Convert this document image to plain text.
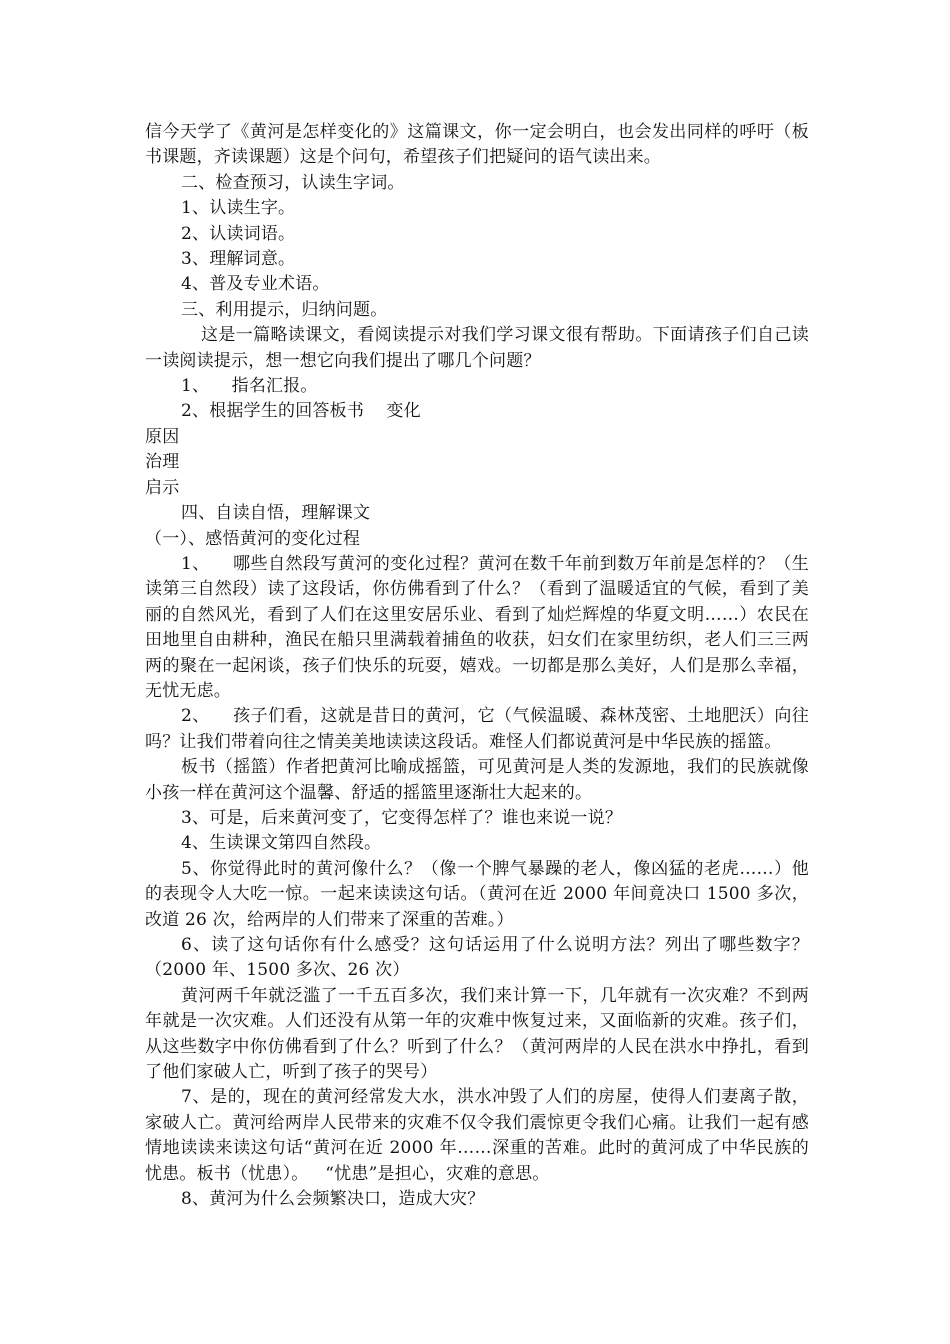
信今天学了《黄河是怎样变化的》这篇课文，你一定会明白，也会发出同样的呼吁（板书课题，齐读课题）这是个问句，希望孩子们把疑问的语气读出来。

二、检查预习，认读生字词。

1、认读生字。

2、认读词语。

3、理解词意。

4、普及专业术语。

三、利用提示，归纳问题。

这是一篇略读课文，看阅读提示对我们学习课文很有帮助。下面请孩子们自己读一读阅读提示，想一想它向我们提出了哪几个问题？

1、    指名汇报。

2、根据学生的回答板书    变化

原因

治理

启示

四、自读自悟，理解课文

（一）、感悟黄河的变化过程

1、    哪些自然段写黄河的变化过程？黄河在数千年前到数万年前是怎样的？（生读第三自然段）读了这段话，你仿佛看到了什么？（看到了温暖适宜的气候，看到了美丽的自然风光，看到了人们在这里安居乐业、看到了灿烂辉煌的华夏文明……）农民在田地里自由耕种，渔民在船只里满载着捕鱼的收获，妇女们在家里纺织，老人们三三两两的聚在一起闲谈，孩子们快乐的玩耍，嬉戏。一切都是那么美好，人们是那么幸福，无忧无虑。

2、    孩子们看，这就是昔日的黄河，它（气候温暖、森林茂密、土地肥沃）向往吗？让我们带着向往之情美美地读读这段话。难怪人们都说黄河是中华民族的摇篮。

板书（摇篮）作者把黄河比喻成摇篮，可见黄河是人类的发源地，我们的民族就像小孩一样在黄河这个温馨、舒适的摇篮里逐渐壮大起来的。

3、可是，后来黄河变了，它变得怎样了？谁也来说一说？

4、生读课文第四自然段。

5、你觉得此时的黄河像什么？（像一个脾气暴躁的老人，像凶猛的老虎……）他的表现令人大吃一惊。一起来读读这句话。（黄河在近 2000 年间竟决口 1500 多次，改道 26 次，给两岸的人们带来了深重的苦难。）

6、读了这句话你有什么感受？这句话运用了什么说明方法？列出了哪些数字？（2000 年、1500 多次、26 次）

黄河两千年就泛滥了一千五百多次，我们来计算一下，几年就有一次灾难？不到两年就是一次灾难。人们还没有从第一年的灾难中恢复过来，又面临新的灾难。孩子们，从这些数字中你仿佛看到了什么？听到了什么？（黄河两岸的人民在洪水中挣扎，看到了他们家破人亡，听到了孩子的哭号）

7、是的，现在的黄河经常发大水，洪水冲毁了人们的房屋，使得人们妻离子散，家破人亡。黄河给两岸人民带来的灾难不仅令我们震惊更令我们心痛。让我们一起有感情地读读来读这句话“黄河在近 2000 年……深重的苦难。此时的黄河成了中华民族的忧患。板书（忧患）。   “忧患”是担心，灾难的意思。

8、黄河为什么会频繁决口，造成大灾？
